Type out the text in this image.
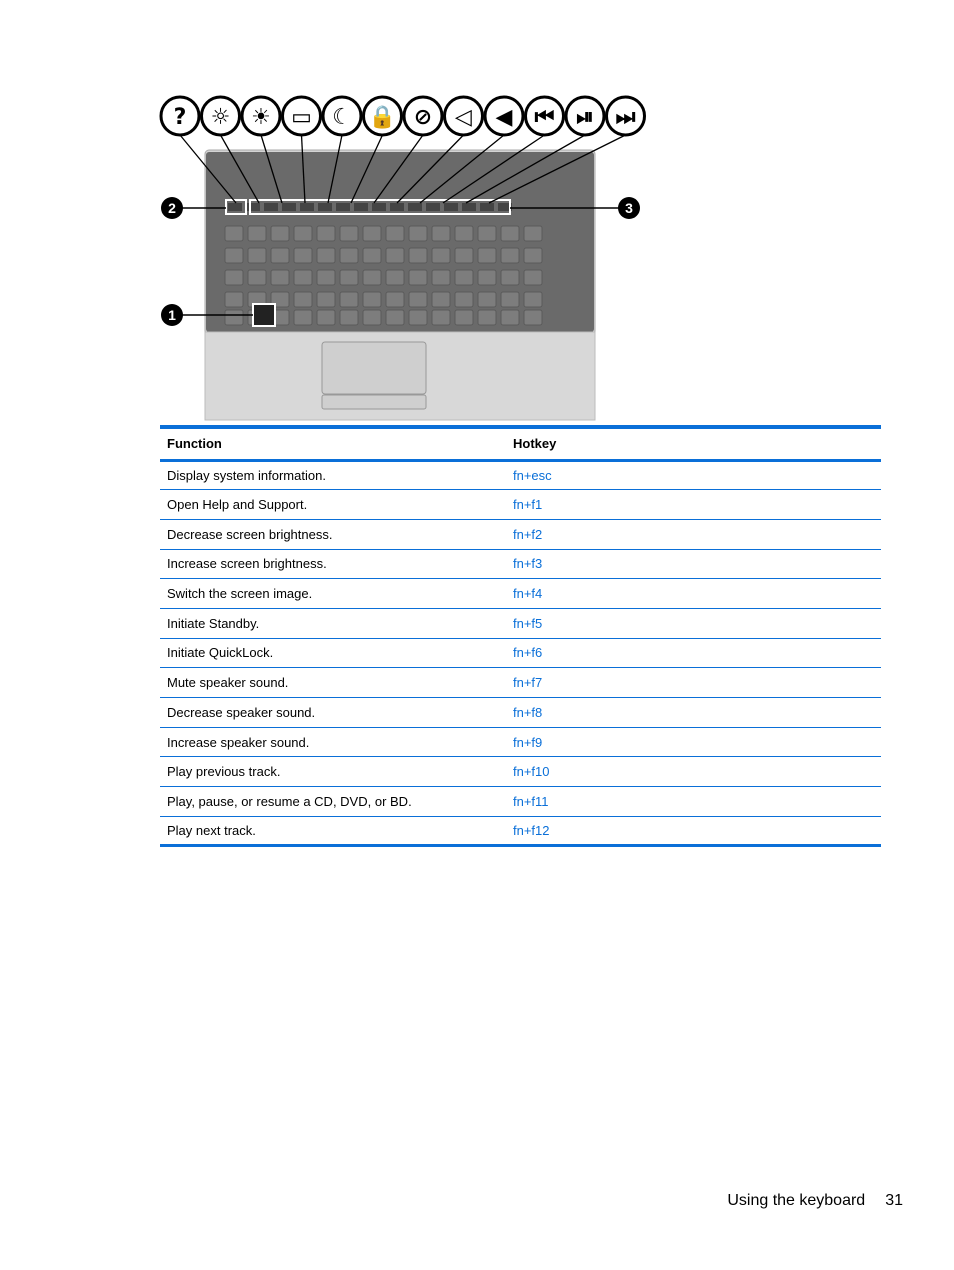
? ☼ ☀ ▭ ☾ 🔒 ⊘ ◁ ◀ ⏮ ⏯ ⏭
2	3
1
Function	Hotkey
Display system information.	fn+esc
Open Help and Support.	fn+f1
Decrease screen brightness.	fn+f2
Increase screen brightness.	fn+f3
Switch the screen image.	fn+f4
Initiate Standby.	fn+f5
Initiate QuickLock.	fn+f6
Mute speaker sound.	fn+f7
Decrease speaker sound.	fn+f8
Increase speaker sound.	fn+f9
Play previous track.	fn+f10
Play, pause, or resume a CD, DVD, or BD.	fn+f11
Play next track.	fn+f12
Using the keyboard 31
